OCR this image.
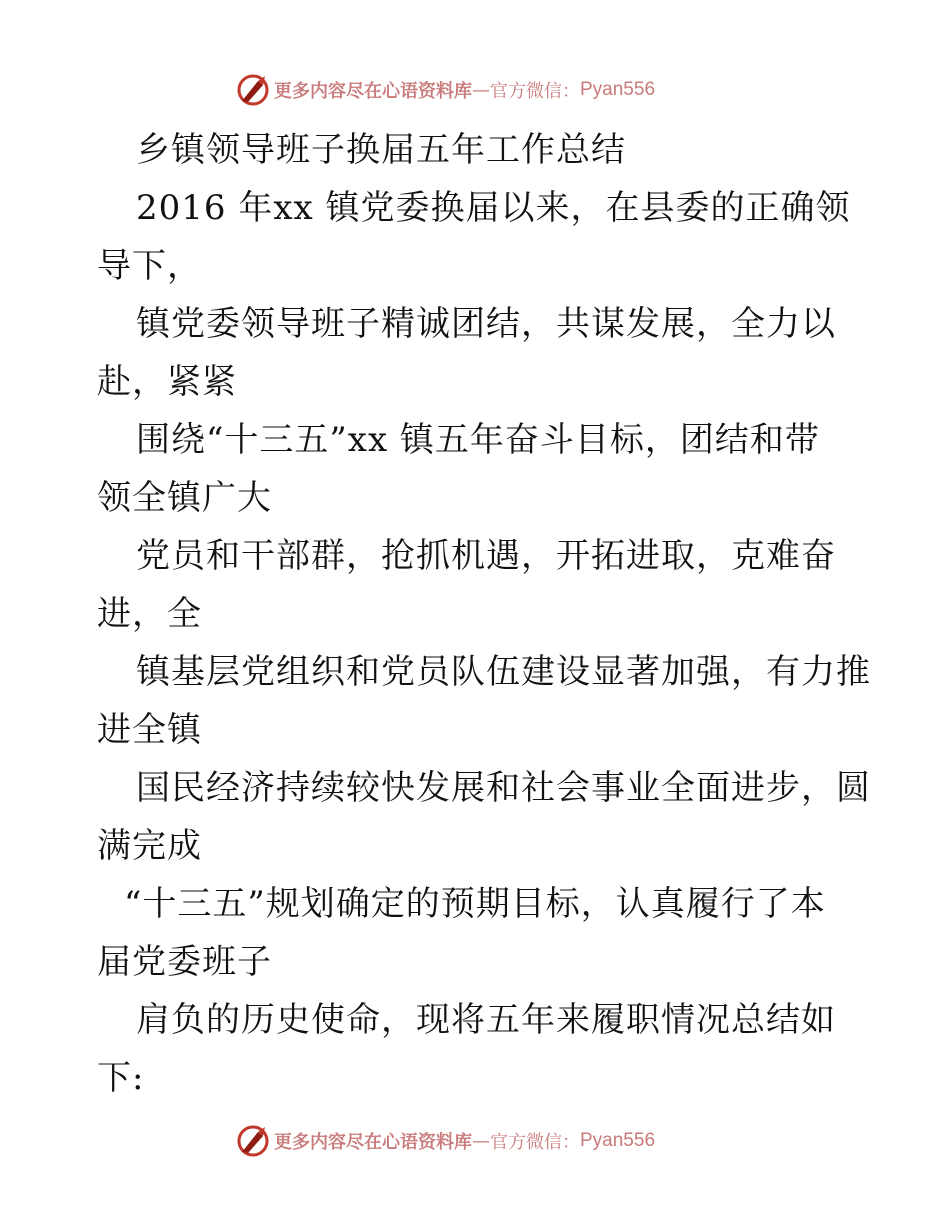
更多内容尽在心语资料库 — 官方微信： Pyan556
乡镇领导班子换届五年工作总结
2016 年xx 镇党委换届以来，在县委的正确领
导下，
镇党委领导班子精诚团结，共谋发展，全力以
赴，紧紧
围绕“十三五”xx 镇五年奋斗目标，团结和带
领全镇广大
党员和干部群，抢抓机遇，开拓进取，克难奋
进，全
镇基层党组织和党员队伍建设显著加强，有力推
进全镇
国民经济持续较快发展和社会事业全面进步，圆
满完成
“十三五”规划确定的预期目标，认真履行了本
届党委班子
肩负的历史使命，现将五年来履职情况总结如
下:
更多内容尽在心语资料库 — 官方微信： Pyan556
